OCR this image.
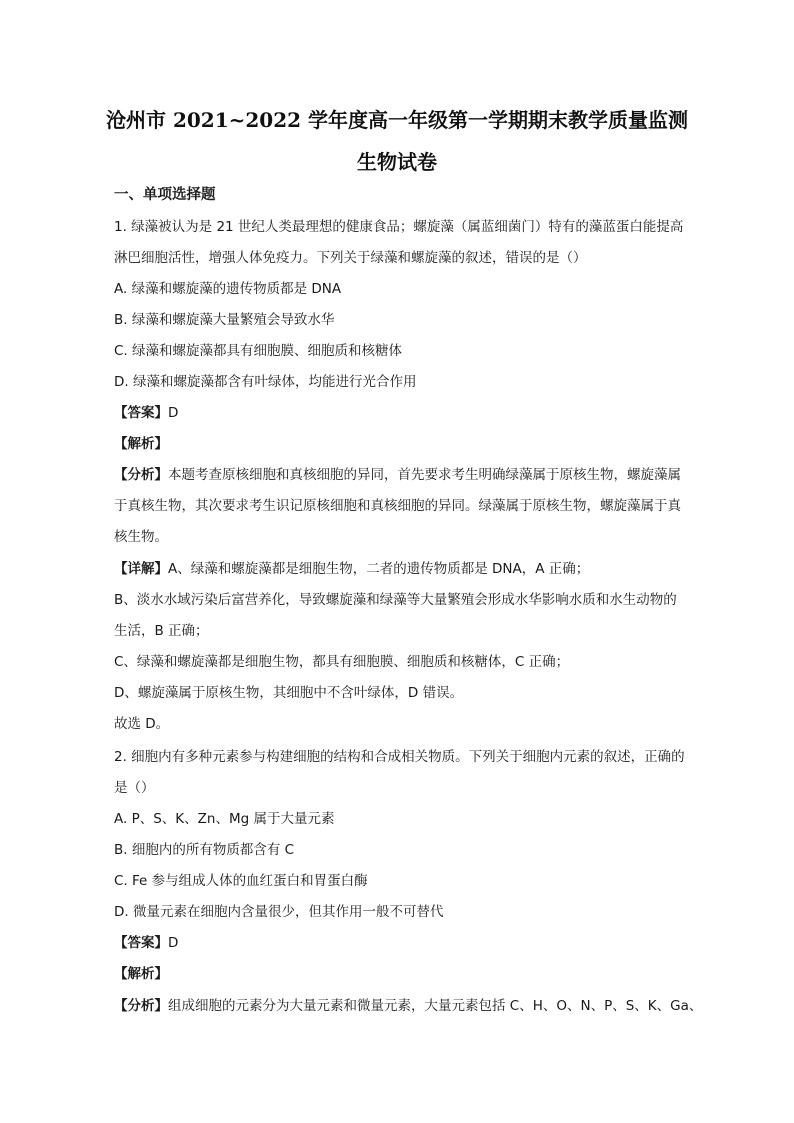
沧州市 2021~2022 学年度高一年级第一学期期末教学质量监测
生物试卷
一、单项选择题
1. 绿藻被认为是 21 世纪人类最理想的健康食品；螺旋藻（属蓝细菌门）特有的藻蓝蛋白能提高
淋巴细胞活性，增强人体免疫力。下列关于绿藻和螺旋藻的叙述，错误的是（）
A. 绿藻和螺旋藻的遗传物质都是 DNA
B. 绿藻和螺旋藻大量繁殖会导致水华
C. 绿藻和螺旋藻都具有细胞膜、细胞质和核糖体
D. 绿藻和螺旋藻都含有叶绿体，均能进行光合作用
【答案】D
【解析】
【分析】本题考查原核细胞和真核细胞的异同，首先要求考生明确绿藻属于原核生物，螺旋藻属
于真核生物，其次要求考生识记原核细胞和真核细胞的异同。绿藻属于原核生物，螺旋藻属于真
核生物。
【详解】A、绿藻和螺旋藻都是细胞生物，二者的遗传物质都是 DNA，A 正确；
B、淡水水域污染后富营养化，导致螺旋藻和绿藻等大量繁殖会形成水华影响水质和水生动物的
生活，B 正确；
C、绿藻和螺旋藻都是细胞生物，都具有细胞膜、细胞质和核糖体，C 正确；
D、螺旋藻属于原核生物，其细胞中不含叶绿体，D 错误。
故选 D。
2. 细胞内有多种元素参与构建细胞的结构和合成相关物质。下列关于细胞内元素的叙述，正确的
是（）
A. P、S、K、Zn、Mg 属于大量元素
B. 细胞内的所有物质都含有 C
C. Fe 参与组成人体的血红蛋白和胃蛋白酶
D. 微量元素在细胞内含量很少，但其作用一般不可替代
【答案】D
【解析】
【分析】组成细胞的元素分为大量元素和微量元素，大量元素包括 C、H、O、N、P、S、K、Ga、
